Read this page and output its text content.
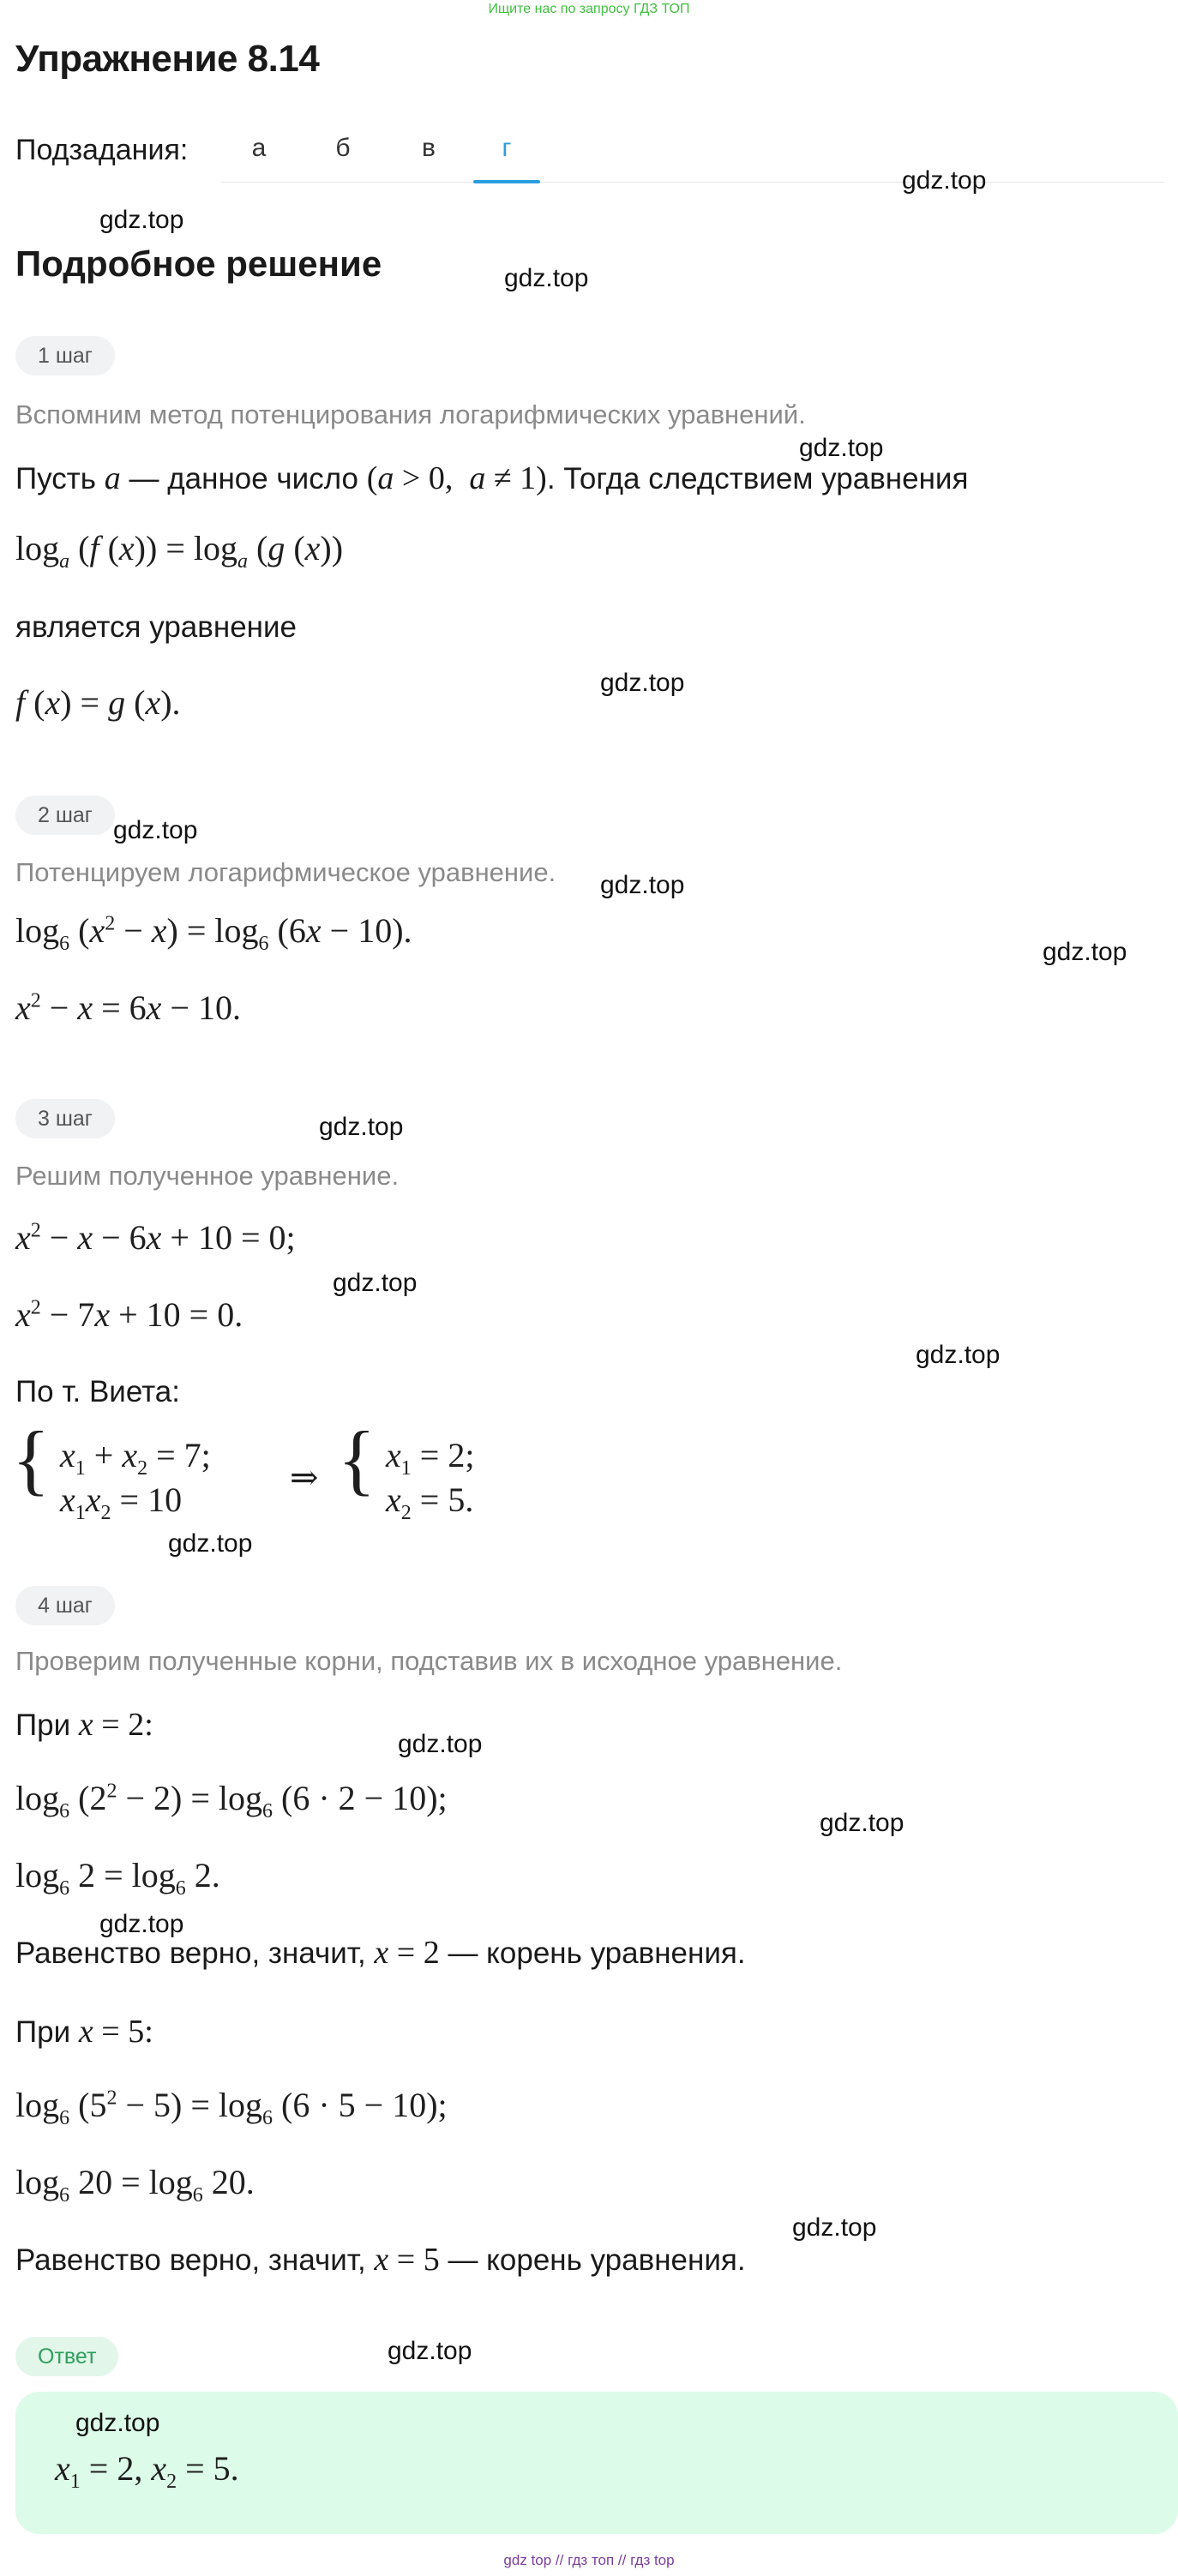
Ищите нас по запросу ГДЗ ТОП
Упражнение 8.14
Подзадания:	а	б	в	г
Подробное решение
gdz.top
gdz.top
gdz.top
gdz.top
gdz.top
gdz.top
gdz.top
gdz.top
gdz.top
gdz.top
gdz.top
gdz.top
gdz.top
gdz.top
gdz.top
gdz.top
gdz.top
1 шаг
Вспомним метод потенцирования логарифмических уравнений.
Пусть a — данное число (a > 0,  a ≠ 1). Тогда следствием уравнения
$\log_a (f$ $(x)) = \log_a (g$ (x))
является уравнение
f (x) = g (x).
2 шаг
Потенцируем логарифмическое уравнение.
$\log_6 (x^2 - x) = \log_6 (6x - 10)$.
$x^2 - x = 6x - 10$.
3 шаг
Решим полученное уравнение.
$x^2 - x - 6x + 10 = 0$;
$x^2 - 7x + 10 = 0$.
По т. Виета:
{ $x_1 + x_2 = 7$;
$x_1x_2 = 10$
⇒ { $x_1 = 2$;
$x_2 = 5$.
4 шаг
Проверим полученные корни, подставив их в исходное уравнение.
При x = 2:
$\log_6 (2^2 - 2) = \log_6 (6 \cdot 2 - 10)$;
$\log_6 2 = \log_6 2$.
Равенство верно, значит, x = 2 — корень уравнения.
При x = 5:
$\log_6 (5^2 - 5) = \log_6 (6 \cdot 5 - 10)$;
$\log_6 20 = \log_6 20$.
Равенство верно, значит, x = 5 — корень уравнения.
Ответ
gdz.top
$x_1 = 2$, $x_2 = 5$.
gdz top // гдз топ // гдз top
